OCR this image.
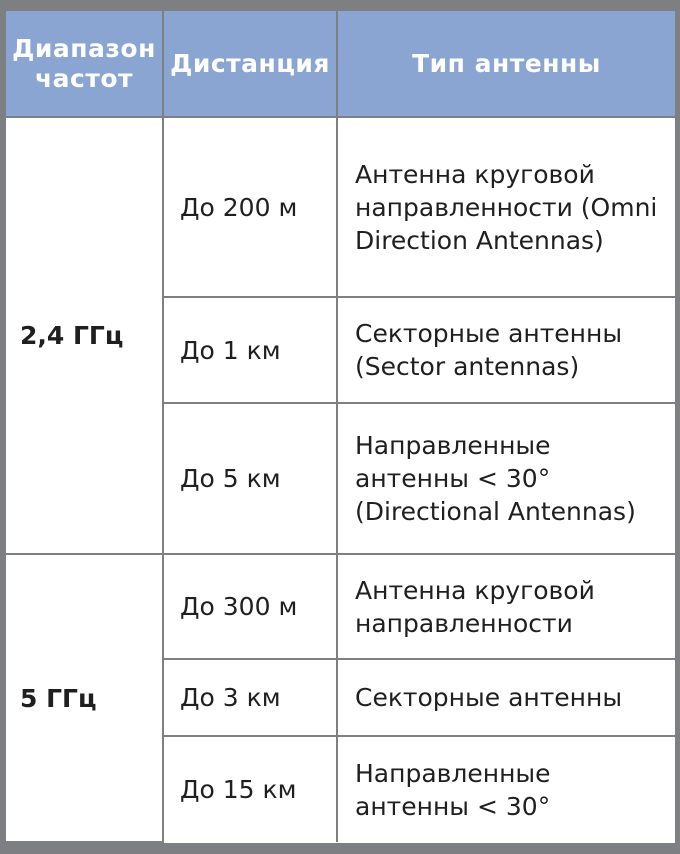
Диапазон частот	Дистанция	Тип антенны
2,4 ГГц	До 200 м	Антенна круговой направленности (Omni Direction Antennas)
	До 1 км	Секторные антенны (Sector antennas)
	До 5 км	Направленные антенны < 30° (Directional Antennas)
5 ГГц	До 300 м	Антенна круговой направленности
	До 3 км	Секторные антенны
	До 15 км	Направленные антенны < 30°
